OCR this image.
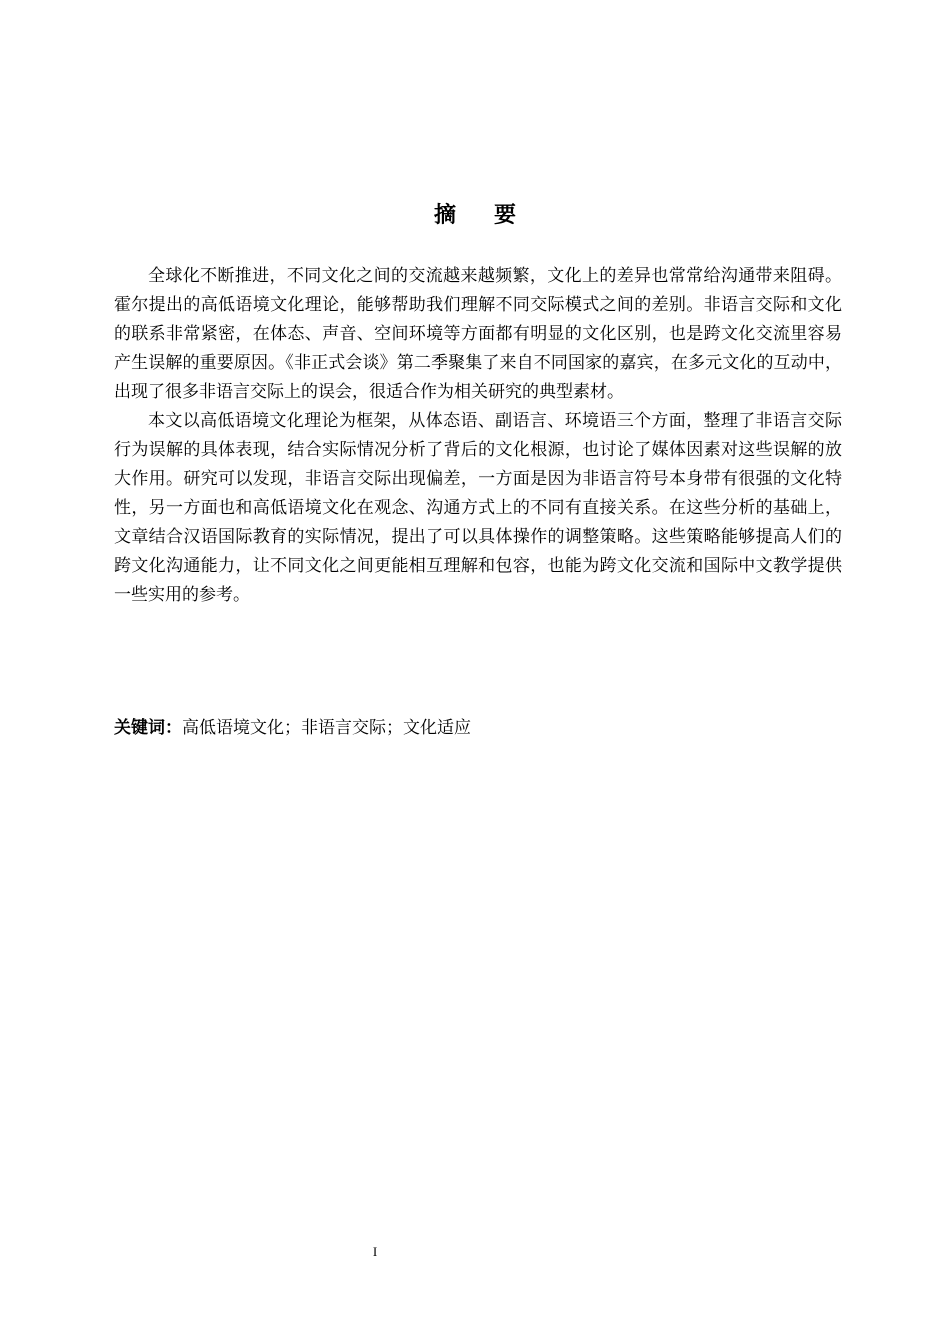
摘要

全球化不断推进，不同文化之间的交流越来越频繁，文化上的差异也常常给沟通带来阻碍。霍尔提出的高低语境文化理论，能够帮助我们理解不同交际模式之间的差别。非语言交际和文化的联系非常紧密，在体态、声音、空间环境等方面都有明显的文化区别，也是跨文化交流里容易产生误解的重要原因。《非正式会谈》第二季聚集了来自不同国家的嘉宾，在多元文化的互动中，出现了很多非语言交际上的误会，很适合作为相关研究的典型素材。

本文以高低语境文化理论为框架，从体态语、副语言、环境语三个方面，整理了非语言交际行为误解的具体表现，结合实际情况分析了背后的文化根源，也讨论了媒体因素对这些误解的放大作用。研究可以发现，非语言交际出现偏差，一方面是因为非语言符号本身带有很强的文化特性，另一方面也和高低语境文化在观念、沟通方式上的不同有直接关系。在这些分析的基础上，文章结合汉语国际教育的实际情况，提出了可以具体操作的调整策略。这些策略能够提高人们的跨文化沟通能力，让不同文化之间更能相互理解和包容，也能为跨文化交流和国际中文教学提供一些实用的参考。

关键词：高低语境文化；非语言交际；文化适应
I
